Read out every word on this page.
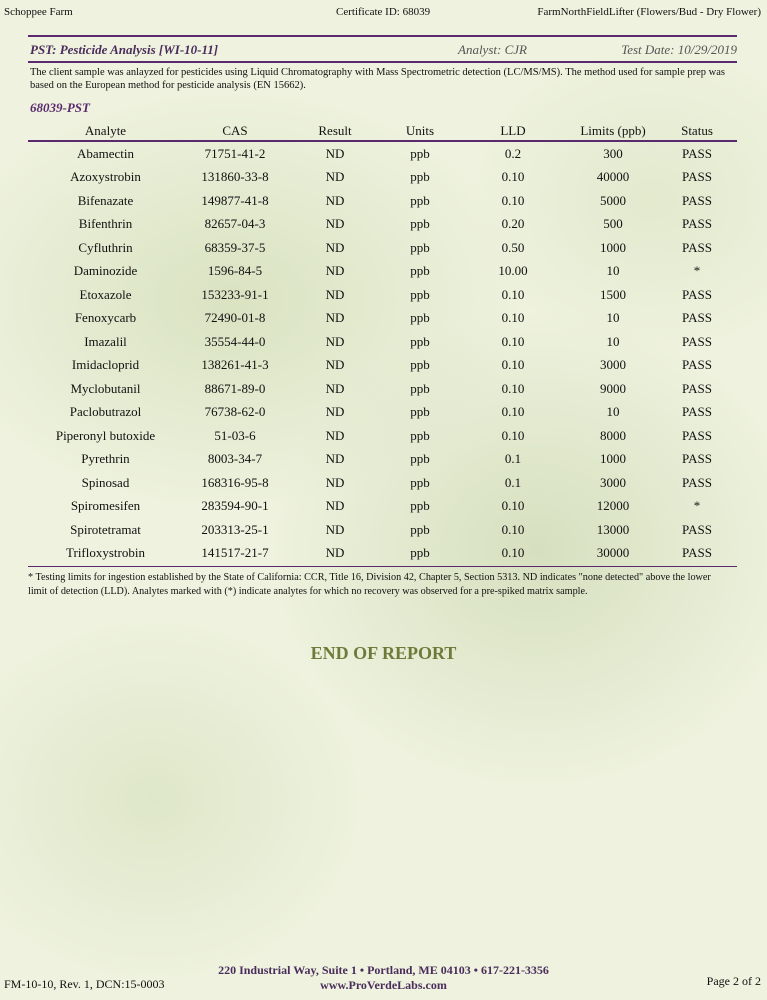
Schoppee Farm	Certificate ID: 68039	FarmNorthFieldLifter (Flowers/Bud - Dry Flower)
PST: Pesticide Analysis [WI-10-11]	Analyst: CJR	Test Date: 10/29/2019
The client sample was anlayzed for pesticides using Liquid Chromatography with Mass Spectrometric detection (LC/MS/MS). The method used for sample prep was based on the European method for pesticide analysis (EN 15662).
68039-PST
Analyte	CAS	Result	Units	LLD	Limits (ppb)	Status
Abamectin	71751-41-2	ND	ppb	0.2	300	PASS
Azoxystrobin	131860-33-8	ND	ppb	0.10	40000	PASS
Bifenazate	149877-41-8	ND	ppb	0.10	5000	PASS
Bifenthrin	82657-04-3	ND	ppb	0.20	500	PASS
Cyfluthrin	68359-37-5	ND	ppb	0.50	1000	PASS
Daminozide	1596-84-5	ND	ppb	10.00	10	*
Etoxazole	153233-91-1	ND	ppb	0.10	1500	PASS
Fenoxycarb	72490-01-8	ND	ppb	0.10	10	PASS
Imazalil	35554-44-0	ND	ppb	0.10	10	PASS
Imidacloprid	138261-41-3	ND	ppb	0.10	3000	PASS
Myclobutanil	88671-89-0	ND	ppb	0.10	9000	PASS
Paclobutrazol	76738-62-0	ND	ppb	0.10	10	PASS
Piperonyl butoxide	51-03-6	ND	ppb	0.10	8000	PASS
Pyrethrin	8003-34-7	ND	ppb	0.1	1000	PASS
Spinosad	168316-95-8	ND	ppb	0.1	3000	PASS
Spiromesifen	283594-90-1	ND	ppb	0.10	12000	*
Spirotetramat	203313-25-1	ND	ppb	0.10	13000	PASS
Trifloxystrobin	141517-21-7	ND	ppb	0.10	30000	PASS
* Testing limits for ingestion established by the State of California: CCR, Title 16, Division 42, Chapter 5, Section 5313. ND indicates "none detected" above the lower limit of detection (LLD). Analytes marked with (*) indicate analytes for which no recovery was observed for a pre-spiked matrix sample.
END OF REPORT
FM-10-10, Rev. 1, DCN:15-0003
220 Industrial Way, Suite 1 • Portland, ME 04103 • 617-221-3356
www.ProVerdeLabs.com	Page 2 of 2
